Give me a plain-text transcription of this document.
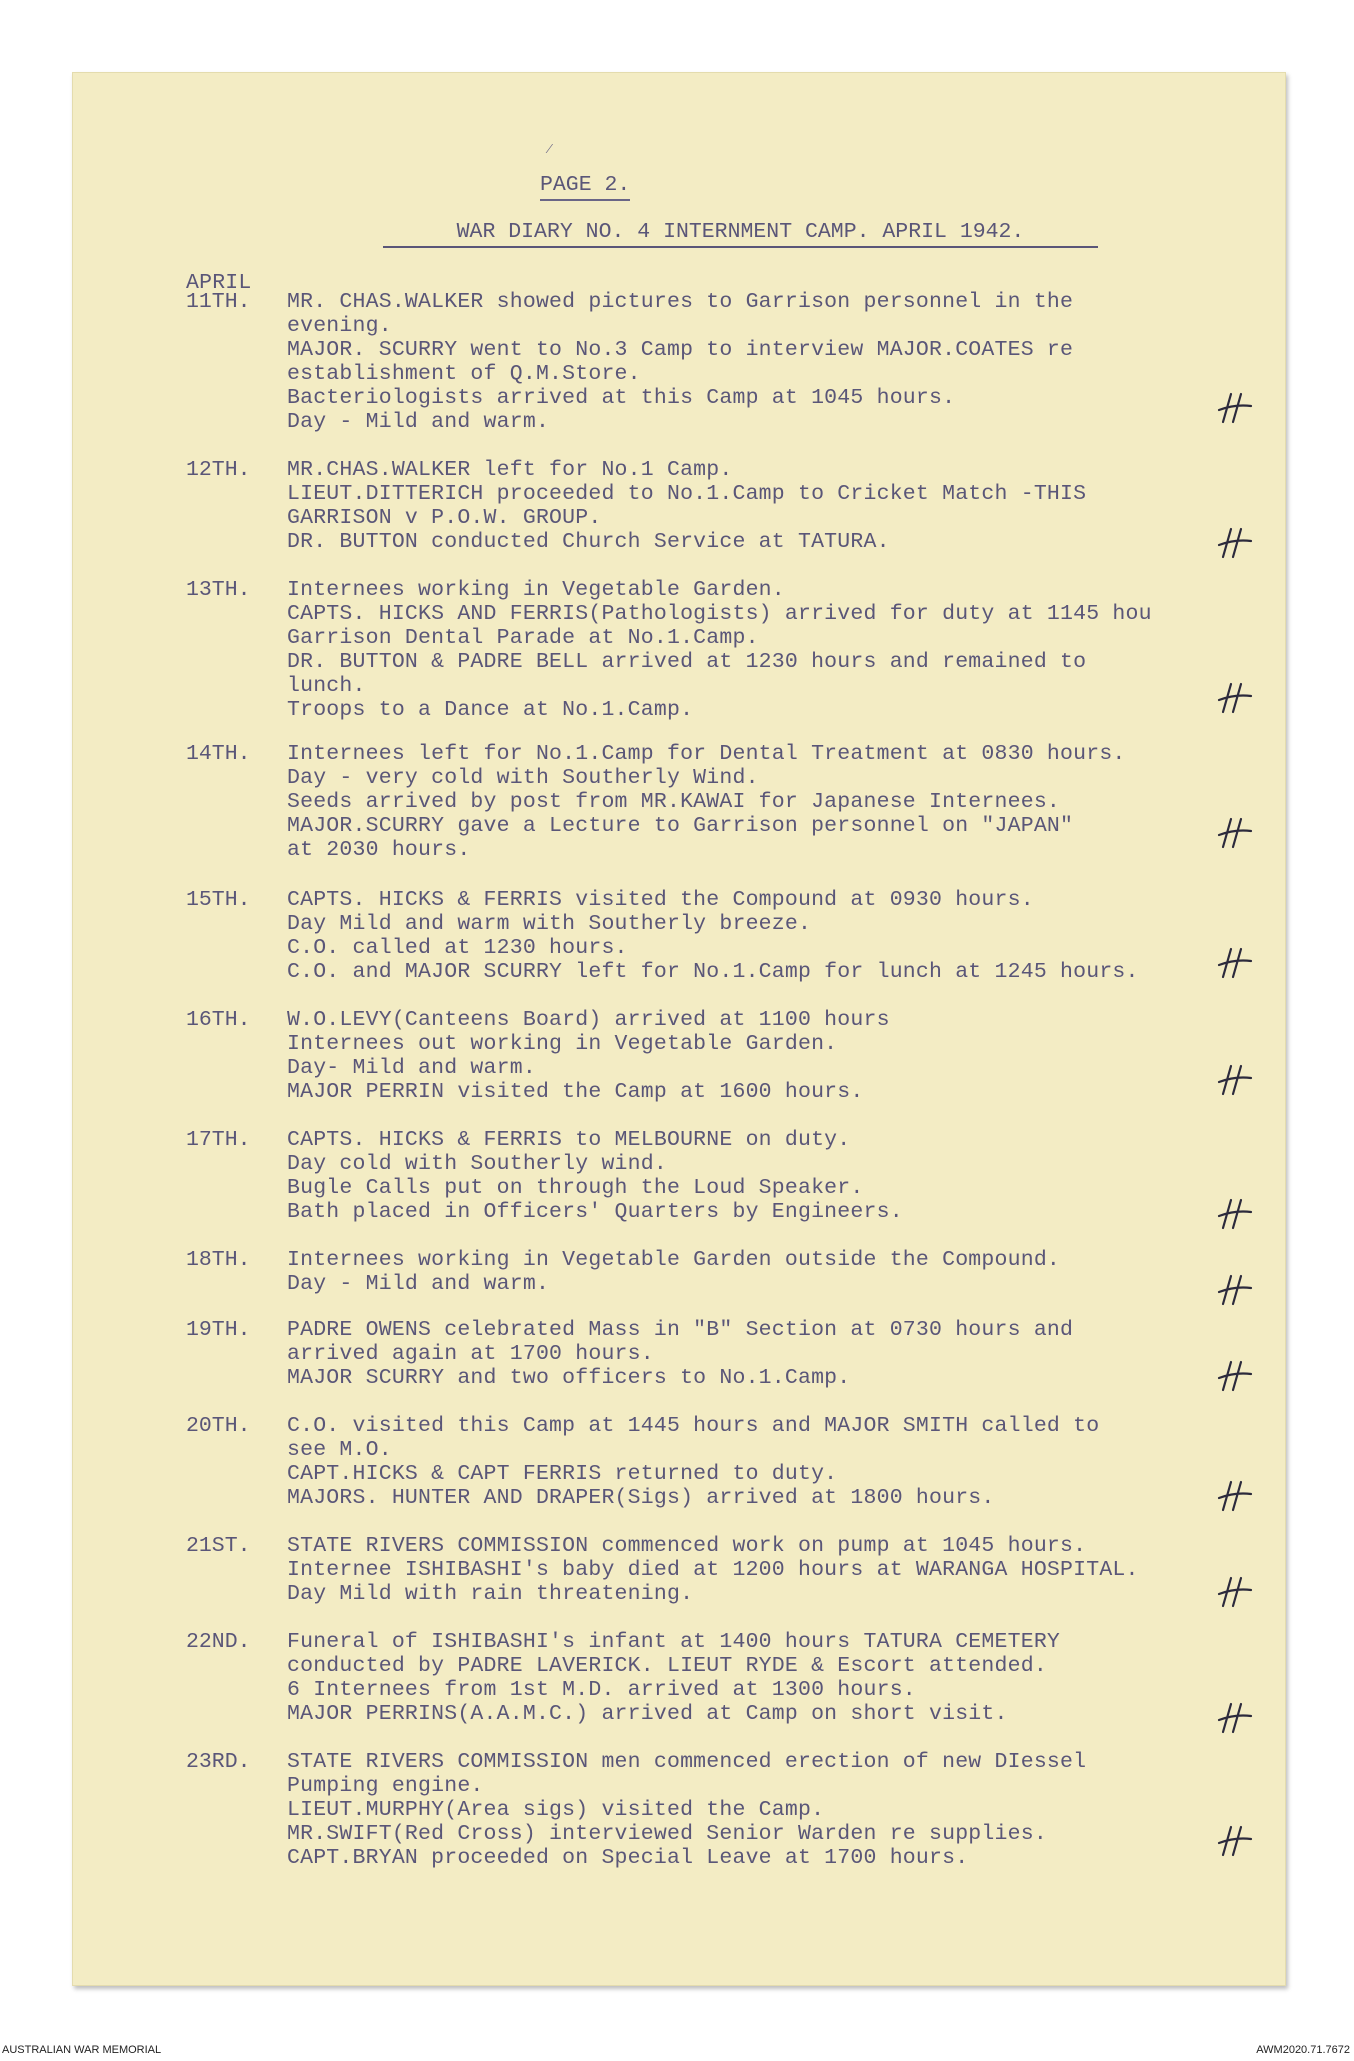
⁄
PAGE 2.
WAR DIARY NO. 4 INTERNMENT CAMP. APRIL 1942.
APRIL
11TH.	MR. CHAS.WALKER showed pictures to Garrison personnel in the
evening.
MAJOR. SCURRY went to No.3 Camp to interview MAJOR.COATES re
establishment of Q.M.Store.
Bacteriologists arrived at this Camp at 1045 hours.
Day - Mild and warm.
12TH.	MR.CHAS.WALKER left for No.1 Camp.
LIEUT.DITTERICH proceeded to No.1.Camp to Cricket Match -THIS
GARRISON v P.O.W. GROUP.
DR. BUTTON conducted Church Service at TATURA.
13TH.	Internees working in Vegetable Garden.
CAPTS. HICKS AND FERRIS(Pathologists) arrived for duty at 1145 hou
Garrison Dental Parade at No.1.Camp.
DR. BUTTON & PADRE BELL arrived at 1230 hours and remained to
lunch.
Troops to a Dance at No.1.Camp.
14TH.	Internees left for No.1.Camp for Dental Treatment at 0830 hours.
Day - very cold with Southerly Wind.
Seeds arrived by post from MR.KAWAI for Japanese Internees.
MAJOR.SCURRY gave a Lecture to Garrison personnel on "JAPAN"
at 2030 hours.
15TH.	CAPTS. HICKS & FERRIS visited the Compound at 0930 hours.
Day Mild and warm with Southerly breeze.
C.O. called at 1230 hours.
C.O. and MAJOR SCURRY left for No.1.Camp for lunch at 1245 hours.
16TH.	W.O.LEVY(Canteens Board) arrived at 1100 hours
Internees out working in Vegetable Garden.
Day- Mild and warm.
MAJOR PERRIN visited the Camp at 1600 hours.
17TH.	CAPTS. HICKS & FERRIS to MELBOURNE on duty.
Day cold with Southerly wind.
Bugle Calls put on through the Loud Speaker.
Bath placed in Officers' Quarters by Engineers.
18TH.	Internees working in Vegetable Garden outside the Compound.
Day - Mild and warm.
19TH.	PADRE OWENS celebrated Mass in "B" Section at 0730 hours and
arrived again at 1700 hours.
MAJOR SCURRY and two officers to No.1.Camp.
20TH.	C.O. visited this Camp at 1445 hours and MAJOR SMITH called to
see M.O.
CAPT.HICKS & CAPT FERRIS returned to duty.
MAJORS. HUNTER AND DRAPER(Sigs) arrived at 1800 hours.
21ST.	STATE RIVERS COMMISSION commenced work on pump at 1045 hours.
Internee ISHIBASHI's baby died at 1200 hours at WARANGA HOSPITAL.
Day Mild with rain threatening.
22ND.	Funeral of ISHIBASHI's infant at 1400 hours TATURA CEMETERY
conducted by PADRE LAVERICK. LIEUT RYDE & Escort attended.
6 Internees from 1st M.D. arrived at 1300 hours.
MAJOR PERRINS(A.A.M.C.) arrived at Camp on short visit.
23RD.	STATE RIVERS COMMISSION men commenced erection of new DIessel
Pumping engine.
LIEUT.MURPHY(Area sigs) visited the Camp.
MR.SWIFT(Red Cross) interviewed Senior Warden re supplies.
CAPT.BRYAN proceeded on Special Leave at 1700 hours.
AUSTRALIAN WAR MEMORIAL	AWM2020.71.7672
